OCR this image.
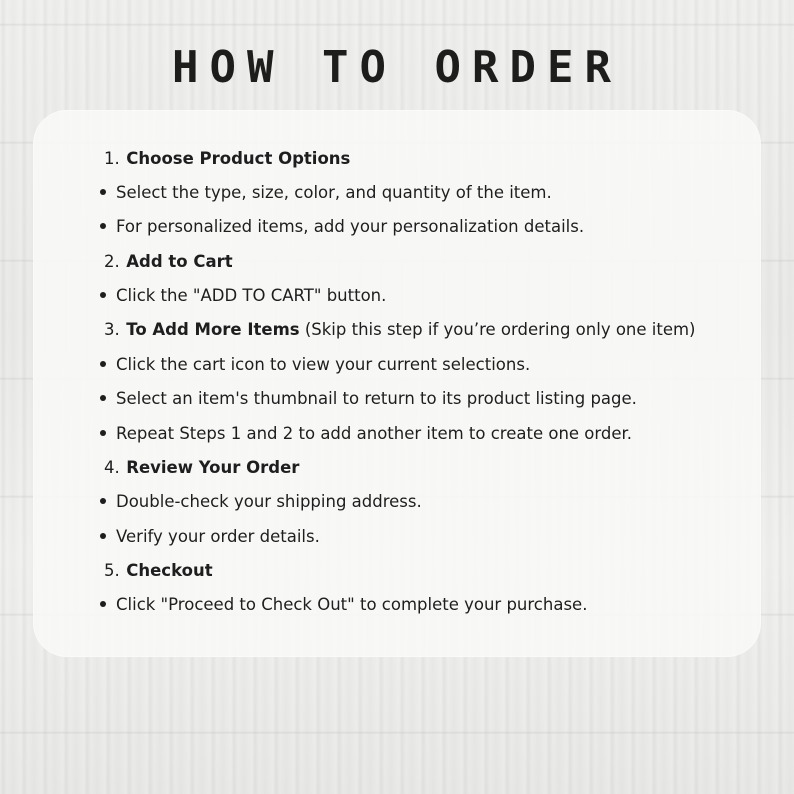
HOW TO ORDER
1. Choose Product Options
Select the type, size, color, and quantity of the item.
For personalized items, add your personalization details.
2. Add to Cart
Click the "ADD TO CART" button.
3. To Add More Items (Skip this step if you’re ordering only one item)
Click the cart icon to view your current selections.
Select an item's thumbnail to return to its product listing page.
Repeat Steps 1 and 2 to add another item to create one order.
4. Review Your Order
Double-check your shipping address.
Verify your order details.
5. Checkout
Click "Proceed to Check Out" to complete your purchase.
